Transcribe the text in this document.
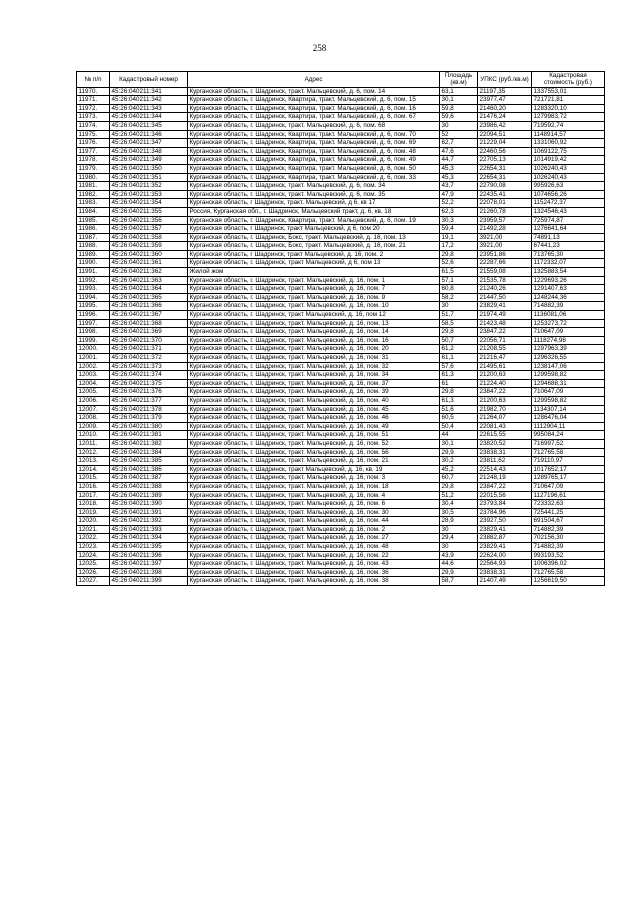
258
№ п/п	Кадастровый номер	Адрес	Площадь (кв.м)	УПКС (руб./кв.м)	Кадастровая стоимость (руб.)
11970.	45:26:040211:341	Курганская область, г. Шадринск, тракт. Мальцевский, д. 6, пом. 14	63,1	21197,35	1337553,01
11971.	45:26:040211:342	Курганская область, г. Шадринск, Квартира, тракт. Мальцевский, д. 6, пом. 15	30,1	23977,47	721721,81
11972.	45:26:040211:343	Курганская область, г. Шадринск, Квартира, тракт. Мальцевский, д. 6, пом. 16	59,8	21460,20	1283320,10
11973.	45:26:040211:344	Курганская область, г. Шадринск, Квартира, тракт. Мальцевский, д. 6, пом. 67	59,6	21476,24	1279983,72
11974.	45:26:040211:345	Курганская область, г. Шадринск, тракт. Мальцевский, д. 6, пом. 68	30	23986,42	719592,74
11975.	45:26:040211:346	Курганская область, г. Шадринск, Квартира, тракт. Мальцевский, д. 6, пом. 70	52	22094,51	1148914,57
11976.	45:26:040211:347	Курганская область, г. Шадринск, Квартира, тракт. Мальцевский, д. 6, пом. 69	62,7	21229,04	1331060,92
11977.	45:26:040211:348	Курганская область, г. Шадринск, Квартира, тракт. Мальцевский, д. 6, пом. 48	47,6	22460,56	1069122,75
11978.	45:26:040211:349	Курганская область, г. Шадринск, Квартира, тракт. Мальцевский, д. 6, пом. 49	44,7	22705,13	1014919,42
11979.	45:26:040211:350	Курганская область, г. Шадринск, Квартира, тракт. Мальцевский, д. 6, пом. 50	45,3	22654,31	1026240,43
11980.	45:26:040211:351	Курганская область, г. Шадринск, Квартира, тракт. Мальцевский, д. 6, пом. 33	45,3	22654,31	1026240,43
11981.	45:26:040211:352	Курганская область, г. Шадринск, тракт. Мальцевский, д. 6, пом. 34	43,7	22790,08	995926,63
11982.	45:26:040211:353	Курганская область, г. Шадринск, тракт. Мальцевский, д. 6, пом. 35	47,9	22435,41	1074656,26
11983.	45:26:040211:354	Курганская область, г Шадринск, тракт. Мальцевский, д 6, кв 17	52,2	22078,01	1152472,37
11984.	45:26:040211:355	Россия, Курганская обл., г. Шадринск, Мальцевский тракт, д. 6, кв. 18	62,3	21260,78	1324546,43
11985.	45:26:040211:356	Курганская область, г. Шадринск, Квартира, тракт. Мальцевский, д. 6, пом. 19	30,3	23959,57	725974,87
11986.	45:26:040211:357	Курганская область, г Шадринск, тракт Мальцевский, д 6, пом 20	59,4	21492,28	1276641,64
11987.	45:26:040211:358	Курганская область, г. Шадринск, Бокс, тракт. Мальцевский, д. 16, пом. 13	19,1	3921,00	74891,13
11988.	45:26:040211:359	Курганская область, г. Шадринск, Бокс, тракт. Мальцевский, д. 16, пом. 21	17,2	3921,00	67441,23
11989.	45:26:040211:360	Курганская область, г Шадринск, тракт Мальцевский, д. 16, пом. 2	29,8	23951,86	713765,30
11990.	45:26:040211:361	Курганская область, г. Шадринск, тракт Мальцевский, д 6, пом 13	52,6	22287,66	1172332,07
11991.	45:26:040211:362	Жилой жом	61,5	21559,08	1325883,54
11992.	45:26:040211:363	Курганская область, г. Шадринск, тракт. Мальцевский, д. 16, пом. 1	57,1	21535,78	1229693,26
11993.	45:26:040211:364	Курганская область, г. Шадринск, тракт. Мальцевский, д. 16, пом. 7	60,8	21240,26	1291407,63
11994.	45:26:040211:365	Курганская область, г. Шадринск, тракт. Мальцевский, д. 16, пом. 9	58,2	21447,50	1248244,36
11995.	45:26:040211:366	Курганская область, г. Шадринск, тракт. Мальцевский, д. 16, пом. 10	30	23829,41	714882,39
11996.	45:26:040211:367	Курганская область, г. Шадринск, тракт Мальцевский, д. 16, пом 12	51,7	21974,49	1136081,06
11997.	45:26:040211:368	Курганская область, г. Шадринск, тракт. Мальцевский, д. 16, пом. 13	58,5	21423,48	1253273,72
11998.	45:26:040211:369	Курганская область, г. Шадринск, тракт. Мальцевский, д. 16, пом. 14	29,8	23847,22	710647,09
11999.	45:26:040211:370	Курганская область, г. Шадринск, тракт. Мальцевский, д. 16, пом. 16	50,7	22056,71	1118274,98
12000.	45:26:040211:371	Курганская область, г. Шадринск, тракт. Мальцевский, д. 16, пом. 20	61,2	21208,55	1297963,39
12001.	45:26:040211:372	Курганская область, г. Шадринск, тракт. Мальцевский, д. 16, пом. 31	61,1	21216,47	1296326,55
12002.	45:26:040211:373	Курганская область, г. Шадринск, тракт. Мальцевский, д. 16, пом. 32	57,6	21495,61	1238147,06
12003.	45:26:040211:374	Курганская область, г. Шадринск, тракт. Мальцевский, д. 16, пом. 34	61,3	21200,63	1299598,82
12004.	45:26:040211:375	Курганская область, г. Шадринск, тракт. Мальцевский, д. 16, пом. 37	61	21224,40	1294688,31
12005.	45:26:040211:376	Курганская область, г. Шадринск, тракт. Мальцевский, д. 16, пом. 39	29,8	23847,22	710647,09
12006.	45:26:040211:377	Курганская область, г. Шадринск, тракт. Мальцевский, д. 16, пом. 40	61,3	21200,63	1299598,82
12007.	45:26:040211:378	Курганская область, г. Шадринск, тракт. Мальцевский, д. 16, пом. 45	51,6	21982,70	1134307,14
12008.	45:26:040211:379	Курганская область, г. Шадринск, тракт. Мальцевский, д. 16, пом. 46	60,5	21264,07	1286476,04
12009.	45:26:040211:380	Курганская область, г. Шадринск, тракт. Мальцевский, д. 16, пом. 49	50,4	22081,43	1112904,11
12010.	45:26:040211:381	Курганская область, г. Шадринск, тракт. Мальцевский, д. 16, пом. 51	44	22615,55	995084,24
12011.	45:26:040211:382	Курганская область, г. Шадринск, тракт. Мальцевский, д. 16, пом. 52	30,1	23820,52	716997,52
12012.	45:26:040211:384	Курганская область, г. Шадринск, тракт. Мальцевский, д. 16, пом. 56	29,9	23838,31	712765,58
12013.	45:26:040211:385	Курганская область, г. Шадринск, тракт. Мальцевский, д. 16, пом. 21	30,2	23811,62	719110,97
12014.	45:26:040211:386	Курганская область, г. Шадринск, тракт Мальцевский, д. 16, кв. 19	45,2	22514,43	1017652,17
12015.	45:26:040211:387	Курганская область, г. Шадринск, тракт. Мальцевский, д. 16, пом. 3	60,7	21248,19	1289765,17
12016.	45:26:040211:388	Курганская область, г. Шадринск, тракт. Мальцевский, д. 16, пом. 18	29,8	23847,22	710647,09
12017.	45:26:040211:389	Курганская область, г. Шадринск, тракт. Мальцевский, д. 16, пом. 4	51,2	22015,56	1127196,61
12018.	45:26:040211:390	Курганская область, г. Шадринск, тракт. Мальцевский, д. 16, пом. 6	30,4	23793,84	723332,63
12019.	45:26:040211:391	Курганская область, г. Шадринск, тракт. Мальцевский, д. 16, пом. 30	30,5	23784,96	725441,25
12020.	45:26:040211:392	Курганская область, г. Шадринск, тракт. Мальцевский, д. 16, пом. 44	28,9	23927,50	691504,67
12021.	45:26:040211:393	Курганская область, г. Шадринск, тракт. Мальцевский, д. 16, пом. 2	30	23829,41	714882,39
12022.	45:26:040211:394	Курганская область, г. Шадринск, тракт. Мальцевский, д. 16, пом. 27	29,4	23882,87	702156,30
12023.	45:26:040211:395	Курганская область, г. Шадринск, тракт. Мальцевский, д. 16, пом. 48	30	23829,41	714882,39
12024.	45:26:040211:396	Курганская область, г. Шадринск, тракт. Мальцевский, д. 16, пом. 22	43,9	22624,00	993193,52
12025.	45:26:040211:397	Курганская область, г. Шадринск, тракт. Мальцевский, д. 16, пом. 43	44,6	22564,93	1006396,02
12026.	45:26:040211:398	Курганская область, г. Шадринск, тракт. Мальцевский, д. 16, пом. 36	29,9	23838,31	712765,58
12027.	45:26:040211:399	Курганская область, г. Шадринск, тракт. Мальцевский, д. 16, пом. 38	58,7	21407,49	1256619,50
